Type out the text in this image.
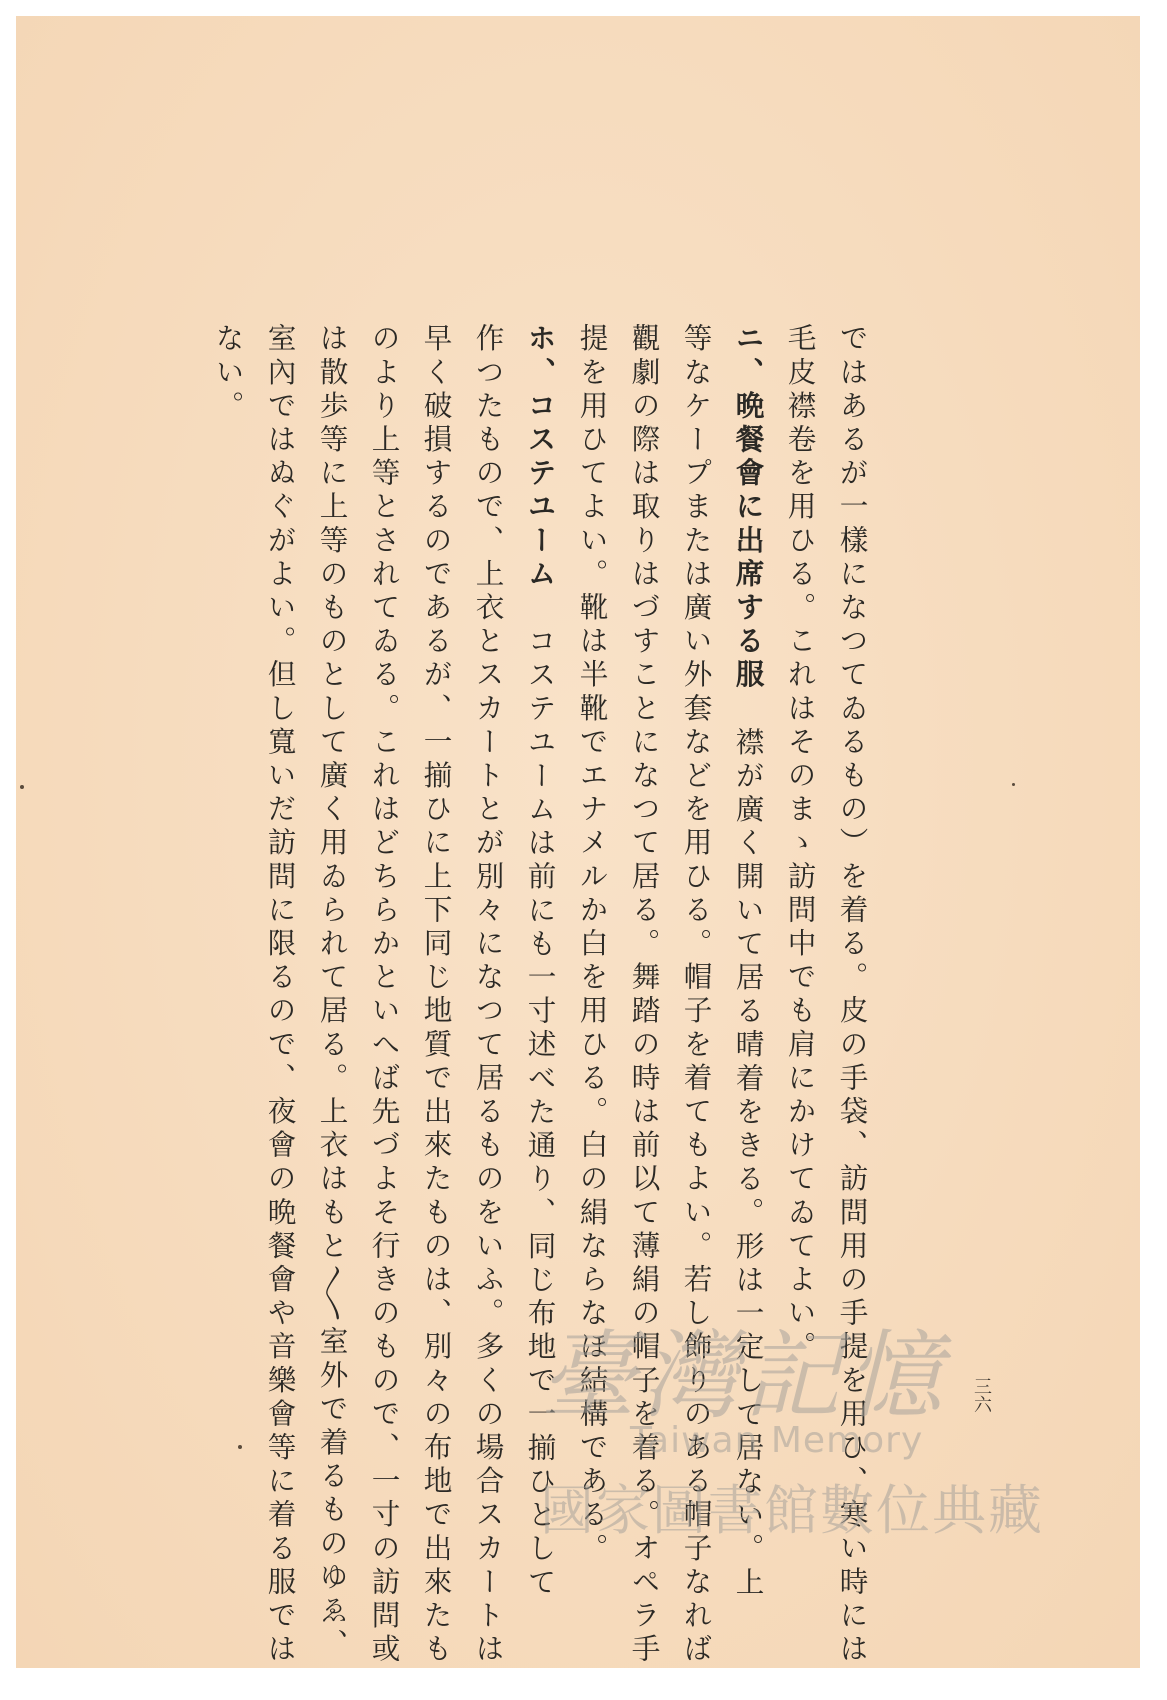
三六
ではあるが一樣になつてゐるもの）を着る。皮の手袋、訪問用の手提を用ひ、寒い時には
毛皮襟卷を用ひる。これはそのまゝ訪問中でも肩にかけてゐてよい。
ニ、晩餐會に出席する服襟が廣く開いて居る晴着をきる。形は一定して居ない。上
等なケープまたは廣い外套などを用ひる。帽子を着てもよい。若し飾りのある帽子なれば
觀劇の際は取りはづすことになつて居る。舞踏の時は前以て薄絹の帽子を着る。オペラ手
提を用ひてよい。靴は半靴でエナメルか白を用ひる。白の絹ならなほ結構である。
ホ、コステユームコステユームは前にも一寸述べた通り、同じ布地で一揃ひとして
作つたもので、上衣とスカートとが別々になつて居るものをいふ。多くの場合スカートは
早く破損するのであるが、一揃ひに上下同じ地質で出來たものは、別々の布地で出來たも
のより上等とされてゐる。これはどちらかといへば先づよそ行きのもので、一寸の訪問或
は散歩等に上等のものとして廣く用ゐられて居る。上衣はもと〳〵室外で着るものゆゑ、
室內ではぬぐがよい。但し寬いだ訪問に限るので、夜會の晩餐會や音樂會等に着る服では
ない。
臺灣記憶
Taiwan Memory
國家圖書館數位典藏
